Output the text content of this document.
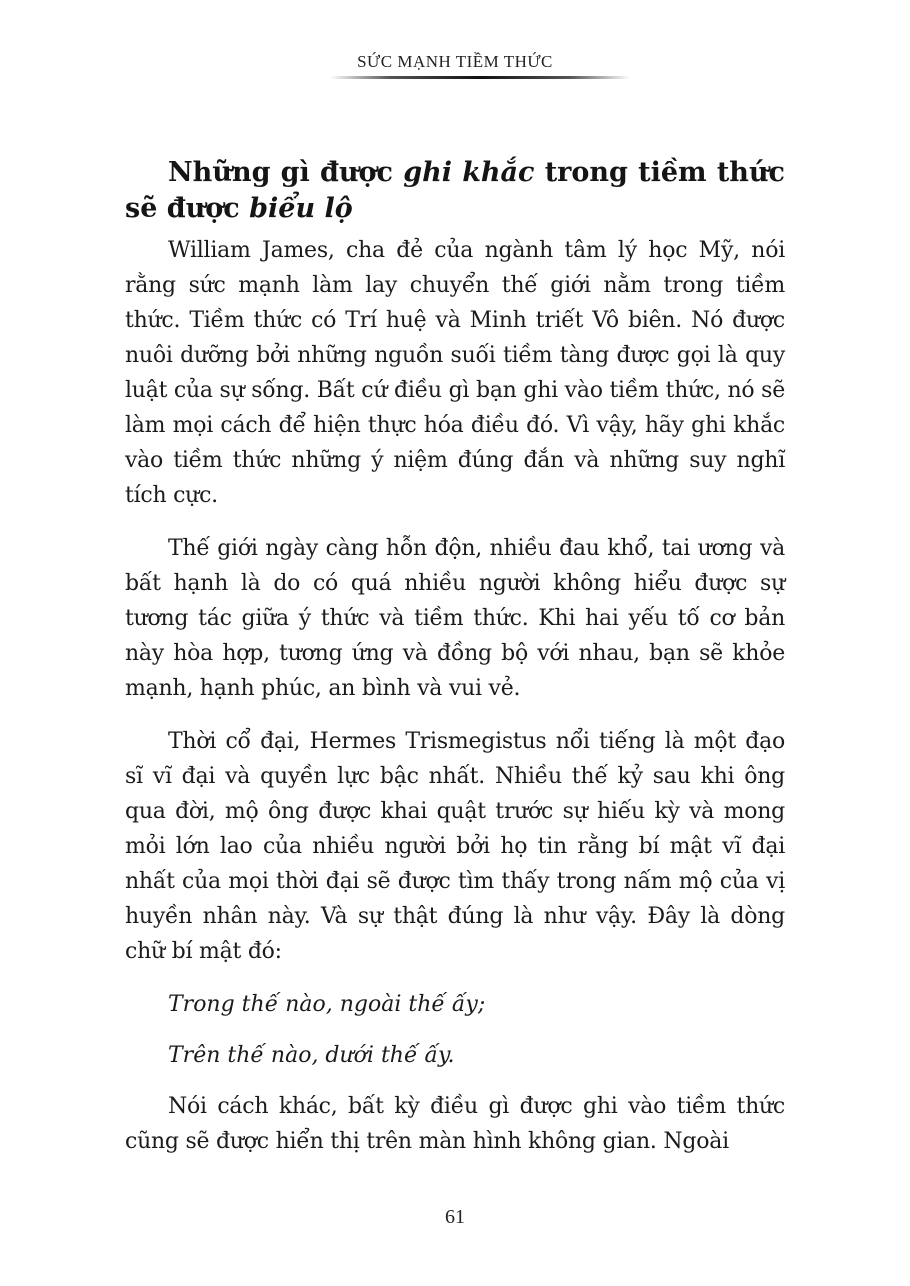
SỨC MẠNH TIỀM THỨC
Những gì được ghi khắc trong tiềm thức sẽ được biểu lộ

William James, cha đẻ của ngành tâm lý học Mỹ, nói rằng sức mạnh làm lay chuyển thế giới nằm trong tiềm thức. Tiềm thức có Trí huệ và Minh triết Vô biên. Nó được nuôi dưỡng bởi những nguồn suối tiềm tàng được gọi là quy luật của sự sống. Bất cứ điều gì bạn ghi vào tiềm thức, nó sẽ làm mọi cách để hiện thực hóa điều đó. Vì vậy, hãy ghi khắc vào tiềm thức những ý niệm đúng đắn và những suy nghĩ tích cực.

Thế giới ngày càng hỗn độn, nhiều đau khổ, tai ương và bất hạnh là do có quá nhiều người không hiểu được sự tương tác giữa ý thức và tiềm thức. Khi hai yếu tố cơ bản này hòa hợp, tương ứng và đồng bộ với nhau, bạn sẽ khỏe mạnh, hạnh phúc, an bình và vui vẻ.

Thời cổ đại, Hermes Trismegistus nổi tiếng là một đạo sĩ vĩ đại và quyền lực bậc nhất. Nhiều thế kỷ sau khi ông qua đời, mộ ông được khai quật trước sự hiếu kỳ và mong mỏi lớn lao của nhiều người bởi họ tin rằng bí mật vĩ đại nhất của mọi thời đại sẽ được tìm thấy trong nấm mộ của vị huyền nhân này. Và sự thật đúng là như vậy. Đây là dòng chữ bí mật đó:

Trong thế nào, ngoài thế ấy;

Trên thế nào, dưới thế ấy.

Nói cách khác, bất kỳ điều gì được ghi vào tiềm thức cũng sẽ được hiển thị trên màn hình không gian. Ngoài

61
